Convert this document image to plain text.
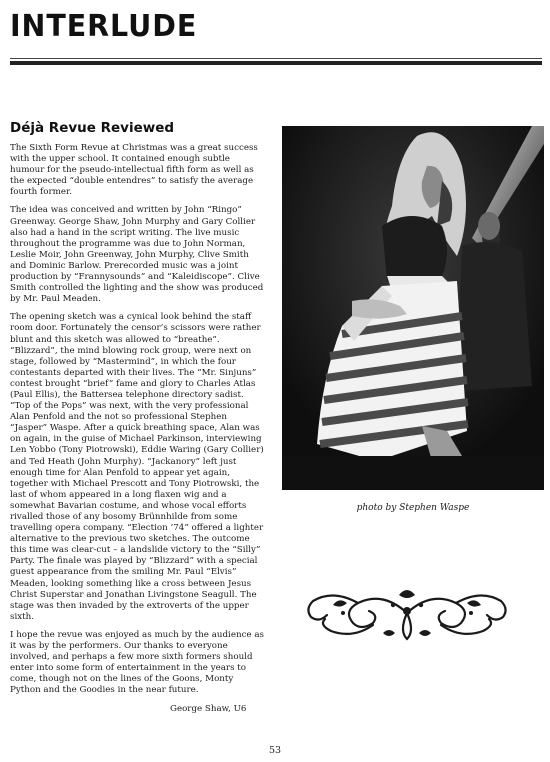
INTERLUDE
Déjà Revue Reviewed

The Sixth Form Revue at Christmas was a great success with the upper school. It contained enough subtle humour for the pseudo-intellectual fifth form as well as the expected “double entendres” to satisfy the average fourth former.

The idea was conceived and written by John “Ringo” Greenway. George Shaw, John Murphy and Gary Collier also had a hand in the script writing. The live music throughout the programme was due to John Norman, Leslie Moir, John Greenway, John Murphy, Clive Smith and Dominic Barlow. Prerecorded music was a joint production by “Frannysounds” and “Kaleidiscope”. Clive Smith controlled the lighting and the show was produced by Mr. Paul Meaden.

The opening sketch was a cynical look behind the staff room door. Fortunately the censor’s scissors were rather blunt and this sketch was allowed to “breathe”. “Blizzard”, the mind blowing rock group, were next on stage, followed by “Mastermind”, in which the four contestants departed with their lives. The “Mr. Sinjuns” contest brought “brief” fame and glory to Charles Atlas (Paul Ellis), the Battersea telephone directory sadist. “Top of the Pops” was next, with the very professional Alan Penfold and the not so professional Stephen “Jasper” Waspe. After a quick breathing space, Alan was on again, in the guise of Michael Parkinson, interviewing Len Yobbo (Tony Piotrowski), Eddie Waring (Gary Collier) and Ted Heath (John Murphy). “Jackanory” left just enough time for Alan Penfold to appear yet again, together with Michael Prescott and Tony Piotrowski, the last of whom appeared in a long flaxen wig and a somewhat Bavarian costume, and whose vocal efforts rivalled those of any bosomy Brünnhilde from some travelling opera company. “Election ’74” offered a lighter alternative to the previous two sketches. The outcome this time was clear-cut – a landslide victory to the “Silly” Party. The finale was played by “Blizzard” with a special guest appearance from the smiling Mr. Paul “Elvis” Meaden, looking something like a cross between Jesus Christ Superstar and Jonathan Livingstone Seagull. The stage was then invaded by the extroverts of the upper sixth.

I hope the revue was enjoyed as much by the audience as it was by the performers. Our thanks to everyone involved, and perhaps a few more sixth formers should enter into some form of entertainment in the years to come, though not on the lines of the Goons, Monty Python and the Goodies in the near future.

George Shaw, U6
photo by Stephen Waspe
53
